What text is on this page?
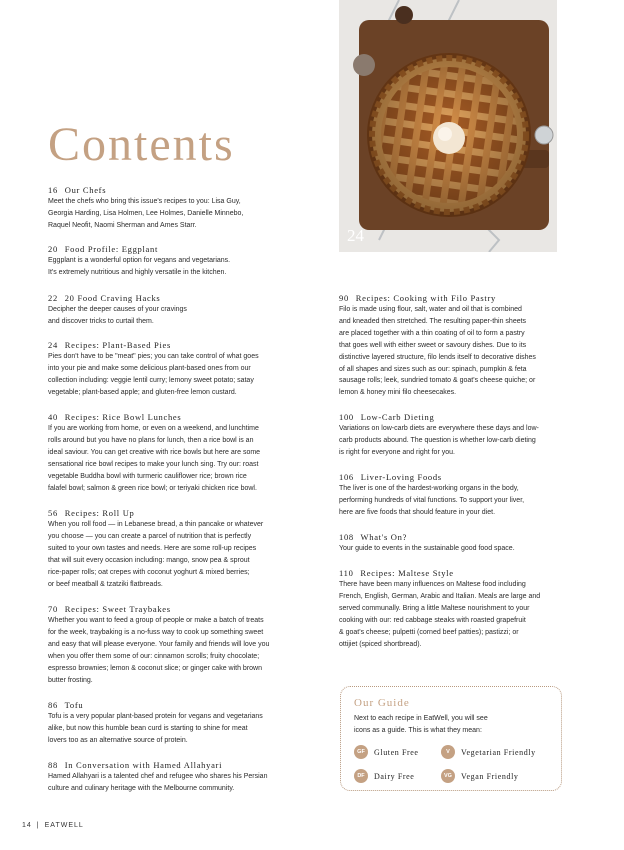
24
Contents
16 Our Chefs
Meet the chefs who bring this issue's recipes to you: Lisa Guy,
Georgia Harding, Lisa Holmen, Lee Holmes, Danielle Minnebo,
Raquel Neofit, Naomi Sherman and Ames Starr.
20 Food Profile: Eggplant
Eggplant is a wonderful option for vegans and vegetarians.
It's extremely nutritious and highly versatile in the kitchen.
22 20 Food Craving Hacks
Decipher the deeper causes of your cravings
and discover tricks to curtail them.
24 Recipes: Plant-Based Pies
Pies don't have to be "meat" pies; you can take control of what goes
into your pie and make some delicious plant-based ones from our
collection including: veggie lentil curry; lemony sweet potato; satay
vegetable; plant-based apple; and gluten-free lemon custard.
40 Recipes: Rice Bowl Lunches
If you are working from home, or even on a weekend, and lunchtime
rolls around but you have no plans for lunch, then a rice bowl is an
ideal saviour. You can get creative with rice bowls but here are some
sensational rice bowl recipes to make your lunch sing. Try our: roast
vegetable Buddha bowl with turmeric cauliflower rice; brown rice
falafel bowl; salmon & green rice bowl; or teriyaki chicken rice bowl.
56 Recipes: Roll Up
When you roll food — in Lebanese bread, a thin pancake or whatever
you choose — you can create a parcel of nutrition that is perfectly
suited to your own tastes and needs. Here are some roll-up recipes
that will suit every occasion including: mango, snow pea & sprout
rice-paper rolls; oat crepes with coconut yoghurt & mixed berries;
or beef meatball & tzatziki flatbreads.
70 Recipes: Sweet Traybakes
Whether you want to feed a group of people or make a batch of treats
for the week, traybaking is a no-fuss way to cook up something sweet
and easy that will please everyone. Your family and friends will love you
when you offer them some of our: cinnamon scrolls; fruity chocolate;
espresso brownies; lemon & coconut slice; or ginger cake with brown
butter frosting.
86 Tofu
Tofu is a very popular plant-based protein for vegans and vegetarians
alike, but now this humble bean curd is starting to shine for meat
lovers too as an alternative source of protein.
88 In Conversation with Hamed Allahyari
Hamed Allahyari is a talented chef and refugee who shares his Persian
culture and culinary heritage with the Melbourne community.
90 Recipes: Cooking with Filo Pastry
Filo is made using flour, salt, water and oil that is combined
and kneaded then stretched. The resulting paper-thin sheets
are placed together with a thin coating of oil to form a pastry
that goes well with either sweet or savoury dishes. Due to its
distinctive layered structure, filo lends itself to decorative dishes
of all shapes and sizes such as our: spinach, pumpkin & feta
sausage rolls; leek, sundried tomato & goat's cheese quiche; or
lemon & honey mini filo cheesecakes.
100 Low-Carb Dieting
Variations on low-carb diets are everywhere these days and low-
carb products abound. The question is whether low-carb dieting
is right for everyone and right for you.
106 Liver-Loving Foods
The liver is one of the hardest-working organs in the body,
performing hundreds of vital functions. To support your liver,
here are five foods that should feature in your diet.
108 What's On?
Your guide to events in the sustainable good food space.
110 Recipes: Maltese Style
There have been many influences on Maltese food including
French, English, German, Arabic and Italian. Meals are large and
served communally. Bring a little Maltese nourishment to your
cooking with our: red cabbage steaks with roasted grapefruit
& goat's cheese; pulpetti (corned beef patties); pastizzi; or
ottijiet (spiced shortbread).
Our Guide
Next to each recipe in EatWell, you will see
icons as a guide. This is what they mean:
GF	Gluten Free	V	Vegetarian Friendly
DF	Dairy Free	VG	Vegan Friendly
14 | EATWELL
